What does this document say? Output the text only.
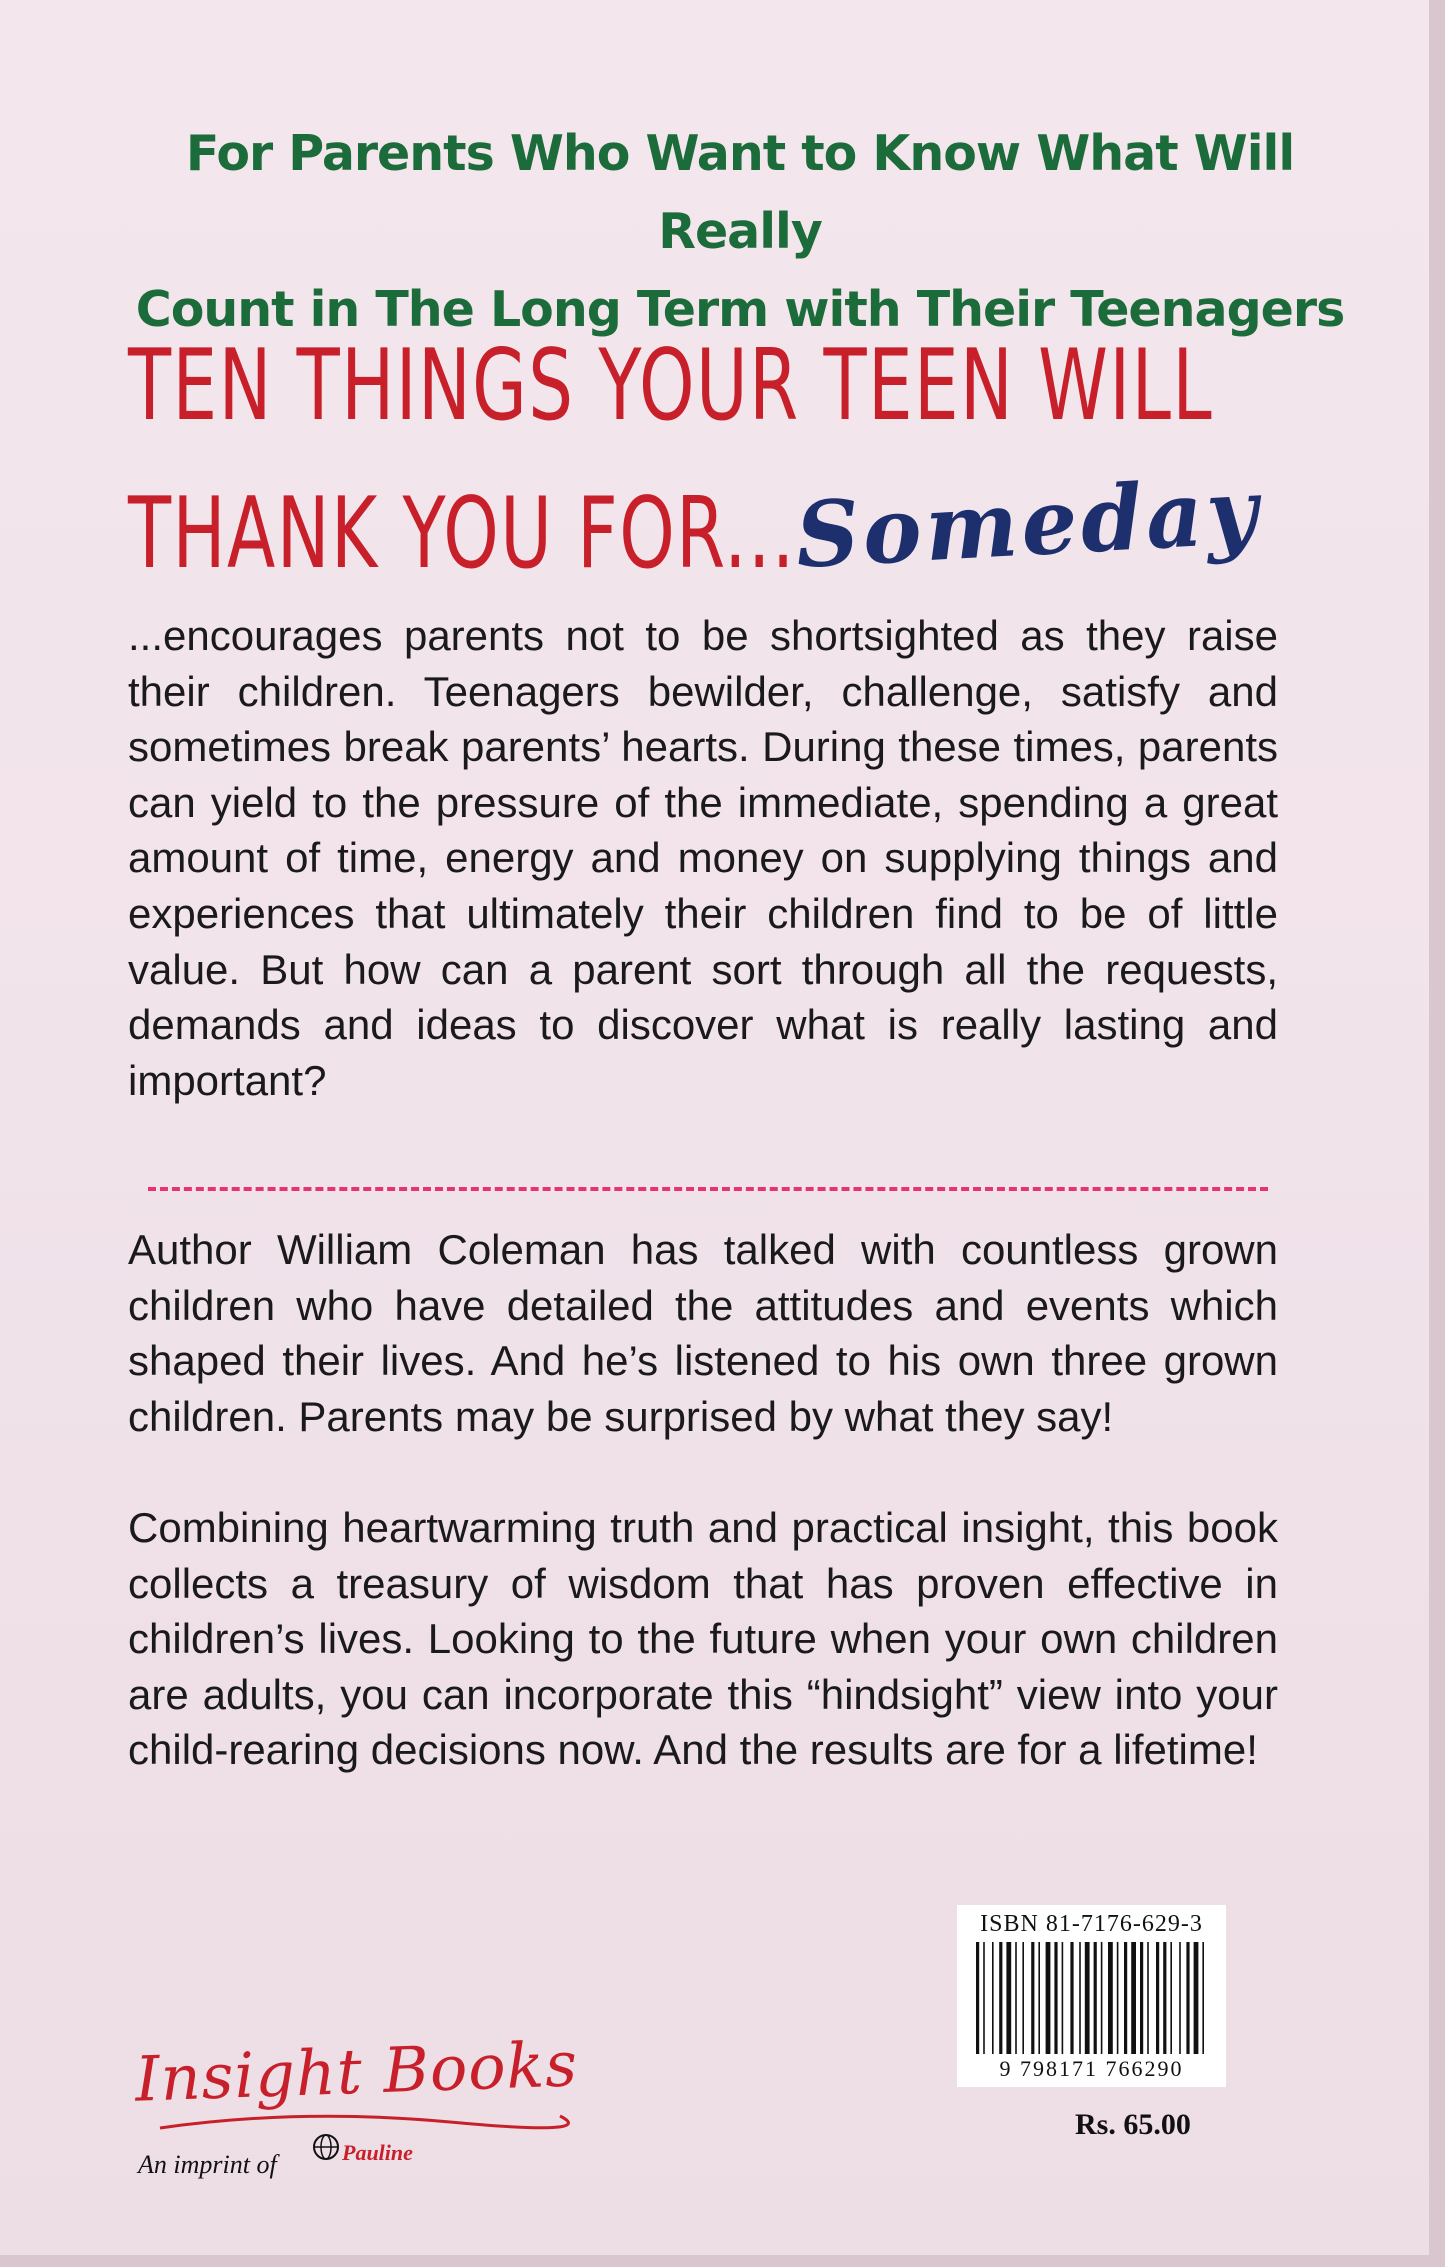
For Parents Who Want to Know What Will Really
Count in The Long Term with Their Teenagers
TEN THINGS YOUR TEEN WILL
THANK YOU FOR...Someday

...encourages parents not to be shortsighted as they raise their children. Teenagers bewilder, challenge, satisfy and sometimes break parents’ hearts. During these times, parents can yield to the pressure of the immediate, spending a great amount of time, energy and money on supplying things and experiences that ultimately their children find to be of little value. But how can a parent sort through all the requests, demands and ideas to discover what is really lasting and important?

Author William Coleman has talked with countless grown children who have detailed the attitudes and events which shaped their lives. And he’s listened to his own three grown children. Parents may be surprised by what they say!

Combining heartwarming truth and practical insight, this book collects a treasury of wisdom that has proven effective in children’s lives. Looking to the future when your own children are adults, you can incorporate this “hindsight” view into your child-rearing decisions now. And the results are for a lifetime!

ISBN 81-7176-629-3
9 798171 766290
Rs. 65.00
Insight Books
An imprint of	Pauline
